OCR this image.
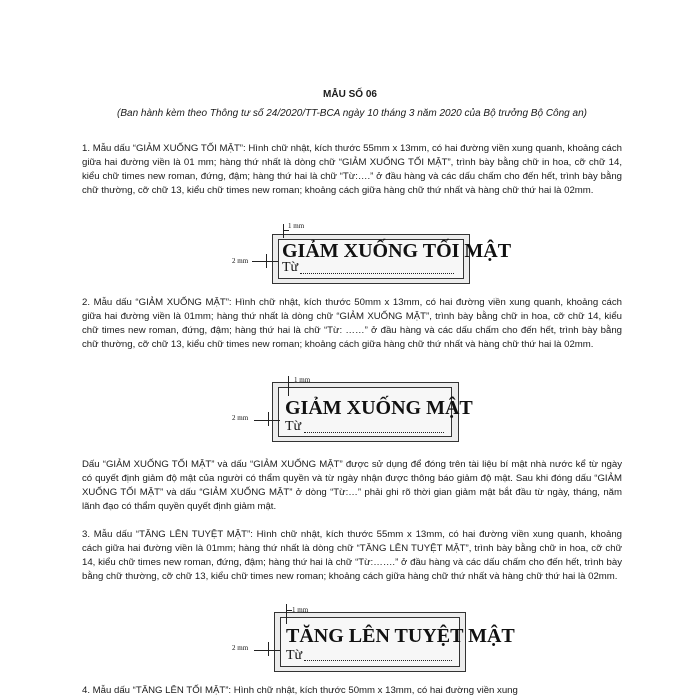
MẪU SỐ 06
(Ban hành kèm theo Thông tư số 24/2020/TT-BCA ngày 10 tháng 3 năm 2020 của Bộ trưởng Bộ Công an)

1. Mẫu dấu “GIẢM XUỐNG TỐI MẬT”: Hình chữ nhật, kích thước 55mm x 13mm, có hai đường viền xung quanh, khoảng cách giữa hai đường viền là 01 mm; hàng thứ nhất là dòng chữ “GIẢM XUỐNG TỐI MẬT”, trình bày bằng chữ in hoa, cỡ chữ 14, kiểu chữ times new roman, đứng, đậm; hàng thứ hai là chữ “Từ:….” ở đầu hàng và các dấu chấm cho đến hết, trình bày bằng chữ thường, cỡ chữ 13, kiểu chữ times new roman; khoảng cách giữa hàng chữ thứ nhất và hàng chữ thứ hai là 02mm.

GIẢM XUỐNG TỐI MẬT
Từ
1 mm
2 mm

2. Mẫu dấu “GIẢM XUỐNG MẬT”: Hình chữ nhật, kích thước 50mm x 13mm, có hai đường viền xung quanh, khoảng cách giữa hai đường viền là 01mm; hàng thứ nhất là dòng chữ “GIẢM XUỐNG MẬT”, trình bày bằng chữ in hoa, cỡ chữ 14, kiểu chữ times new roman, đứng, đậm; hàng thứ hai là chữ “Từ: ……” ở đầu hàng và các dấu chấm cho đến hết, trình bày bằng chữ thường, cỡ chữ 13, kiểu chữ times new roman; khoảng cách giữa hàng chữ thứ nhất và hàng chữ thứ hai là 02mm.

GIẢM XUỐNG MẬT
Từ
1 mm
2 mm

Dấu “GIẢM XUỐNG TỐI MẬT” và dấu “GIẢM XUỐNG MẬT” được sử dụng để đóng trên tài liệu bí mật nhà nước kể từ ngày có quyết định giảm độ mật của người có thẩm quyền và từ ngày nhận được thông báo giảm độ mật. Sau khi đóng dấu “GIẢM XUỐNG TỐI MẬT” và dấu “GIẢM XUỐNG MẬT” ở dòng “Từ:…” phải ghi rõ thời gian giảm mật bắt đầu từ ngày, tháng, năm lãnh đạo có thẩm quyền quyết định giảm mật.

3. Mẫu dấu “TĂNG LÊN TUYỆT MẬT”: Hình chữ nhật, kích thước 55mm x 13mm, có hai đường viền xung quanh, khoảng cách giữa hai đường viền là 01mm; hàng thứ nhất là dòng chữ “TĂNG LÊN TUYỆT MẬT”, trình bày bằng chữ in hoa, cỡ chữ 14, kiểu chữ times new roman, đứng, đậm; hàng thứ hai là chữ “Từ:…….” ở đầu hàng và các dấu chấm cho đến hết, trình bày bằng chữ thường, cỡ chữ 13, kiểu chữ times new roman; khoảng cách giữa hàng chữ thứ nhất và hàng chữ thứ hai là 02mm.

TĂNG LÊN TUYỆT MẬT
Từ
1 mm
2 mm

4. Mẫu dấu “TĂNG LÊN TỐI MẬT”: Hình chữ nhật, kích thước 50mm x 13mm, có hai đường viền xung
